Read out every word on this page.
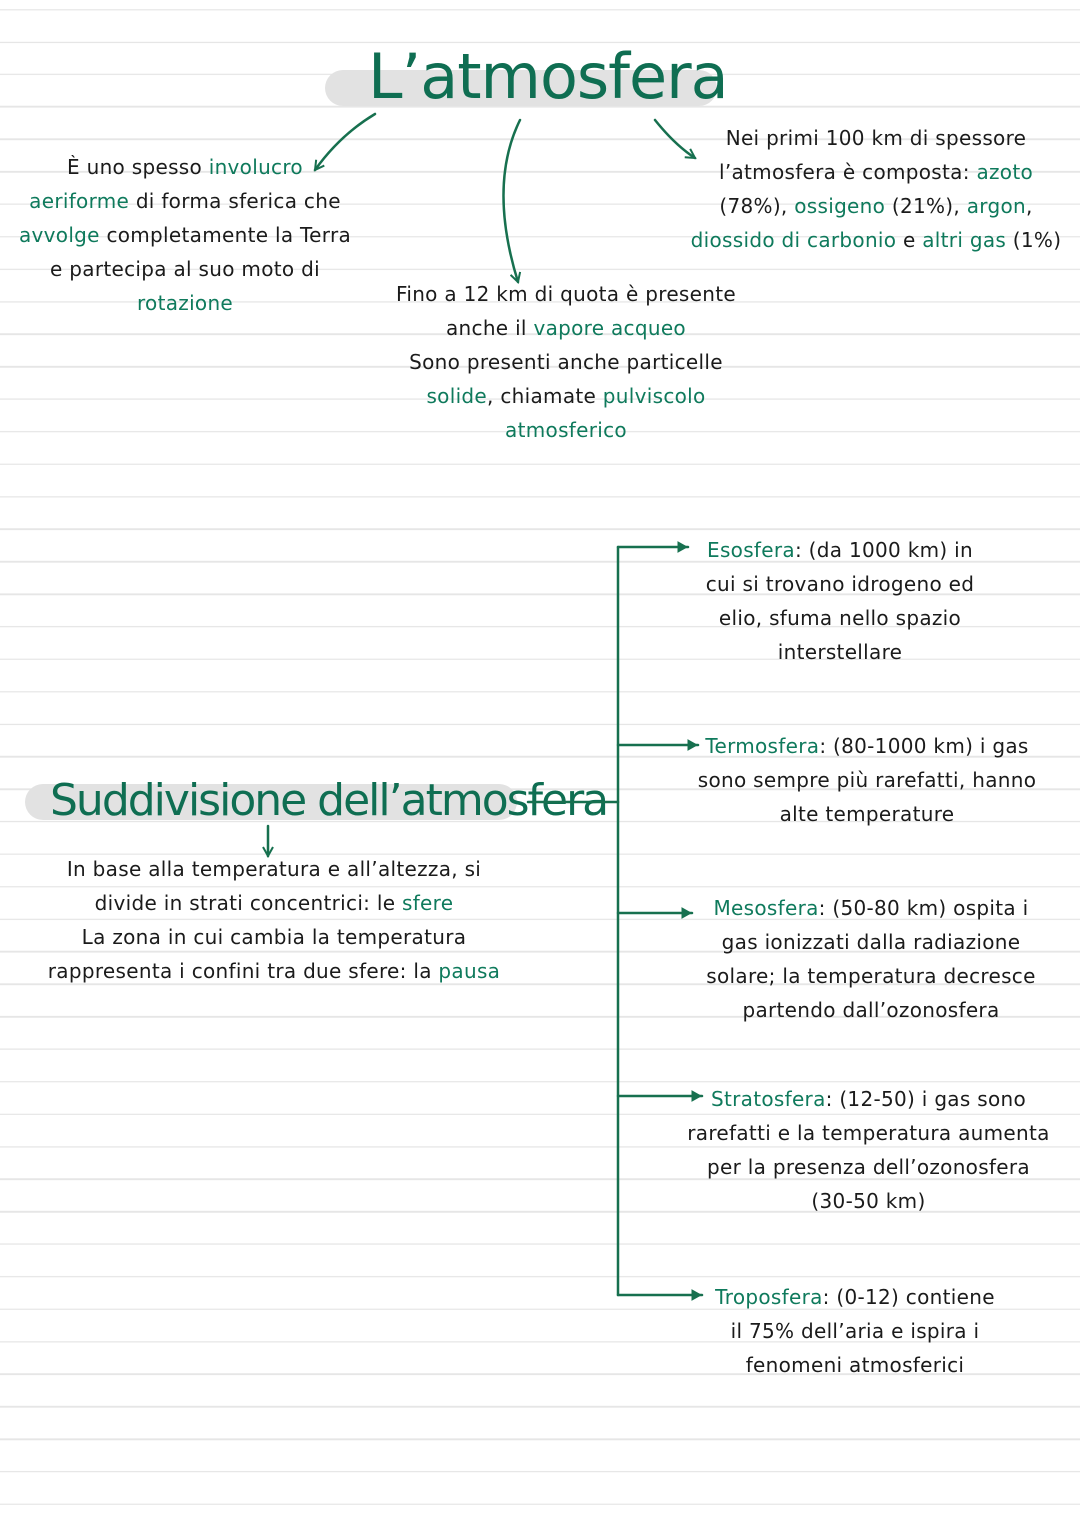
L’atmosfera
È uno spesso involucro
aeriforme di forma sferica che
avvolge completamente la Terra
e partecipa al suo moto di
rotazione
Nei primi 100 km di spessore
l’atmosfera è composta: azoto
(78%), ossigeno (21%), argon,
diossido di carbonio e altri gas (1%)
Fino a 12 km di quota è presente
anche il vapore acqueo
Sono presenti anche particelle
solide, chiamate pulviscolo
atmosferico
Suddivisione dell’atmosfera
In base alla temperatura e all’altezza, si
divide in strati concentrici: le sfere
La zona in cui cambia la temperatura
rappresenta i confini tra due sfere: la pausa
Esosfera: (da 1000 km) in
cui si trovano idrogeno ed
elio, sfuma nello spazio
interstellare
Termosfera: (80-1000 km) i gas
sono sempre più rarefatti, hanno
alte temperature
Mesosfera: (50-80 km) ospita i
gas ionizzati dalla radiazione
solare; la temperatura decresce
partendo dall’ozonosfera
Stratosfera: (12-50) i gas sono
rarefatti e la temperatura aumenta
per la presenza dell’ozonosfera
(30-50 km)
Troposfera: (0-12) contiene
il 75% dell’aria e ispira i
fenomeni atmosferici
